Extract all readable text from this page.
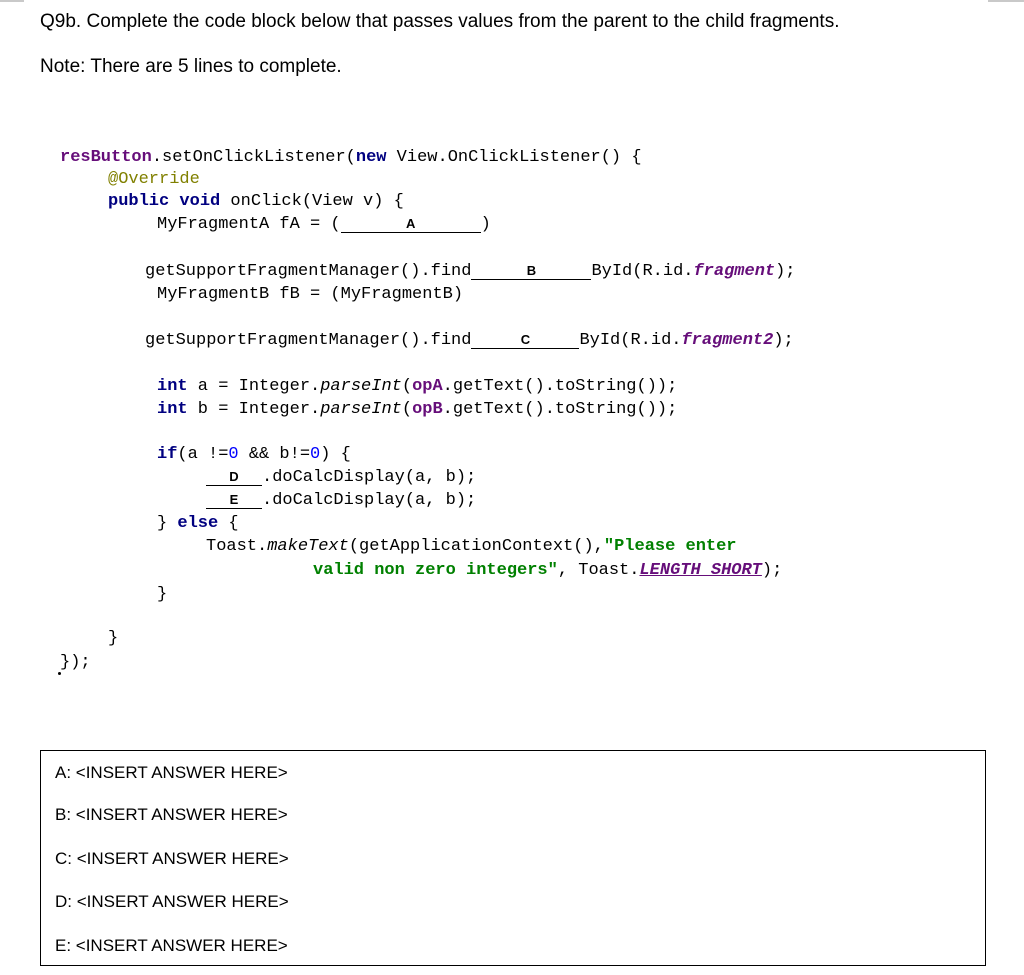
Q9b. Complete the code block below that passes values from the parent to the child fragments.
Note: There are 5 lines to complete.
resButton.setOnClickListener(new View.OnClickListener() {
@Override
public void onClick(View v) {
MyFragmentA fA = (	A	)
getSupportFragmentManager().find	B	ById(R.id.fragment);
MyFragmentB fB = (MyFragmentB)
getSupportFragmentManager().find	C	ById(R.id.fragment2);
int a = Integer.parseInt(opA.getText().toString());
int b = Integer.parseInt(opB.getText().toString());
if(a !=0 && b!=0) {
D .doCalcDisplay(a, b);
E .doCalcDisplay(a, b);
} else {
Toast.makeText(getApplicationContext(),"Please enter
valid non zero integers", Toast.LENGTH_SHORT);
}
}
});
A: <INSERT ANSWER HERE>
B: <INSERT ANSWER HERE>
C: <INSERT ANSWER HERE>
D: <INSERT ANSWER HERE>
E: <INSERT ANSWER HERE>
